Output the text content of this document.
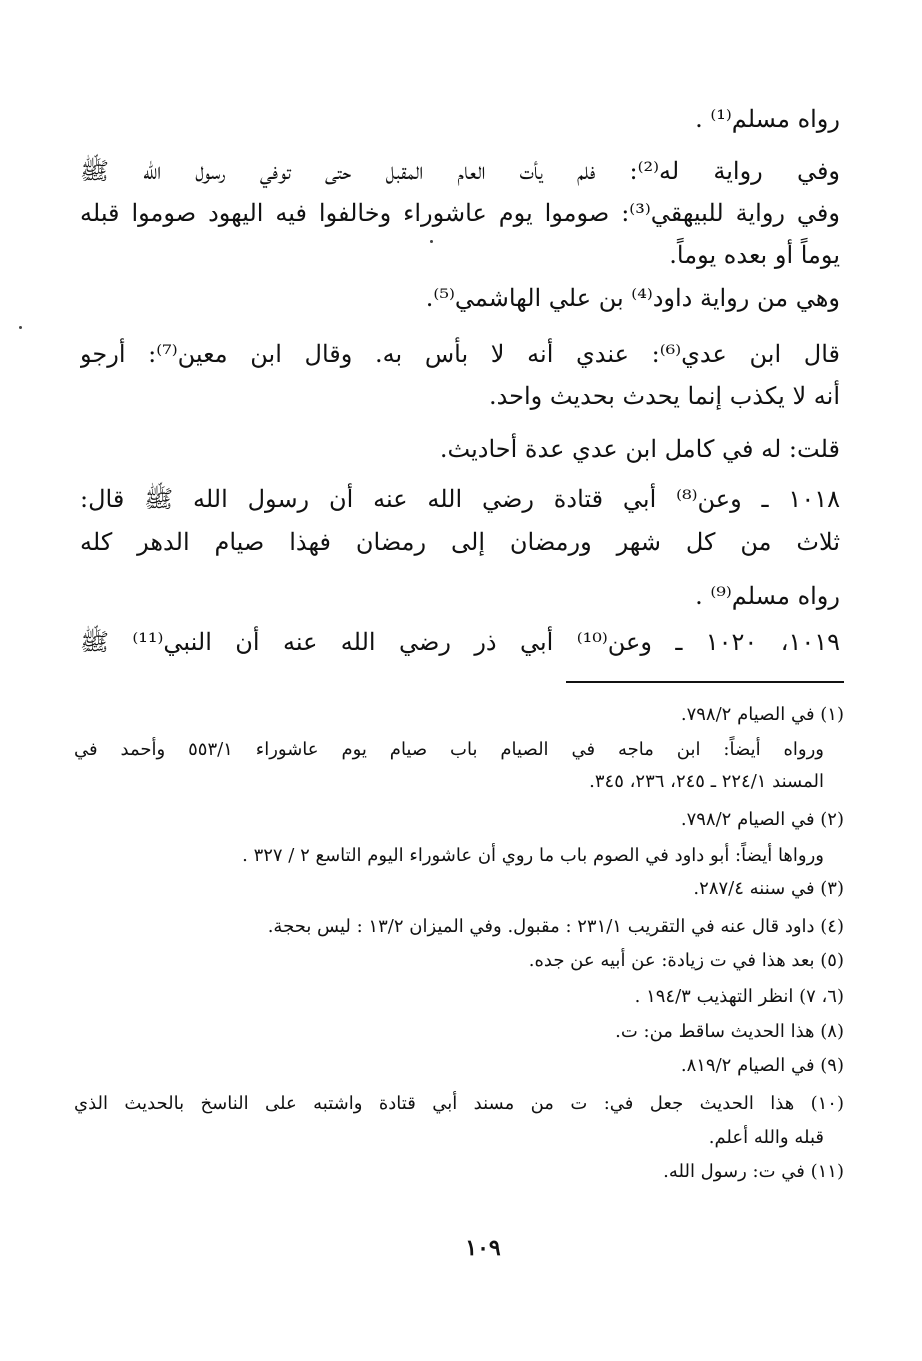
رواه مسلم⁽¹⁾ .
وفي رواية له⁽²⁾: فلم يأت العام المقبل حتى توفي رسول الله ﷺ
وفي رواية للبيهقي⁽³⁾: صوموا يوم عاشوراء وخالفوا فيه اليهود صوموا قبله
يوماً أو بعده يوماً.
وهي من رواية داود⁽⁴⁾ بن علي الهاشمي⁽⁵⁾.
قال ابن عدي⁽⁶⁾: عندي أنه لا بأس به. وقال ابن معين⁽⁷⁾: أرجو
أنه لا يكذب إنما يحدث بحديث واحد.
قلت: له في كامل ابن عدي عدة أحاديث.
١٠١٨ ـ وعن⁽⁸⁾ أبي قتادة رضي الله عنه أن رسول الله ﷺ قال:
ثلاث من كل شهر ورمضان إلى رمضان فهذا صيام الدهر كله
رواه مسلم⁽⁹⁾ .
١٠١٩، ١٠٢٠ ـ وعن⁽¹⁰⁾ أبي ذر رضي الله عنه أن النبي⁽¹¹⁾ ﷺ
(١) في الصيام ٧٩٨/٢.
ورواه أيضاً: ابن ماجه في الصيام باب صيام يوم عاشوراء ٥٥٣/١ وأحمد في
المسند ٢٢٤/١ ـ ٢٤٥، ٢٣٦، ٣٤٥.
(٢) في الصيام ٧٩٨/٢.
ورواها أيضاً: أبو داود في الصوم باب ما روي أن عاشوراء اليوم التاسع ٢ / ٣٢٧ .
(٣) في سننه ٢٨٧/٤.
(٤) داود قال عنه في التقريب ٢٣١/١ : مقبول. وفي الميزان ١٣/٢ : ليس بحجة.
(٥) بعد هذا في ت زيادة: عن أبيه عن جده.
(٦، ٧) انظر التهذيب ١٩٤/٣ .
(٨) هذا الحديث ساقط من: ت.
(٩) في الصيام ٨١٩/٢.
(١٠) هذا الحديث جعل في: ت من مسند أبي قتادة واشتبه على الناسخ بالحديث الذي
قبله والله أعلم.
(١١) في ت: رسول الله.
١٠٩
